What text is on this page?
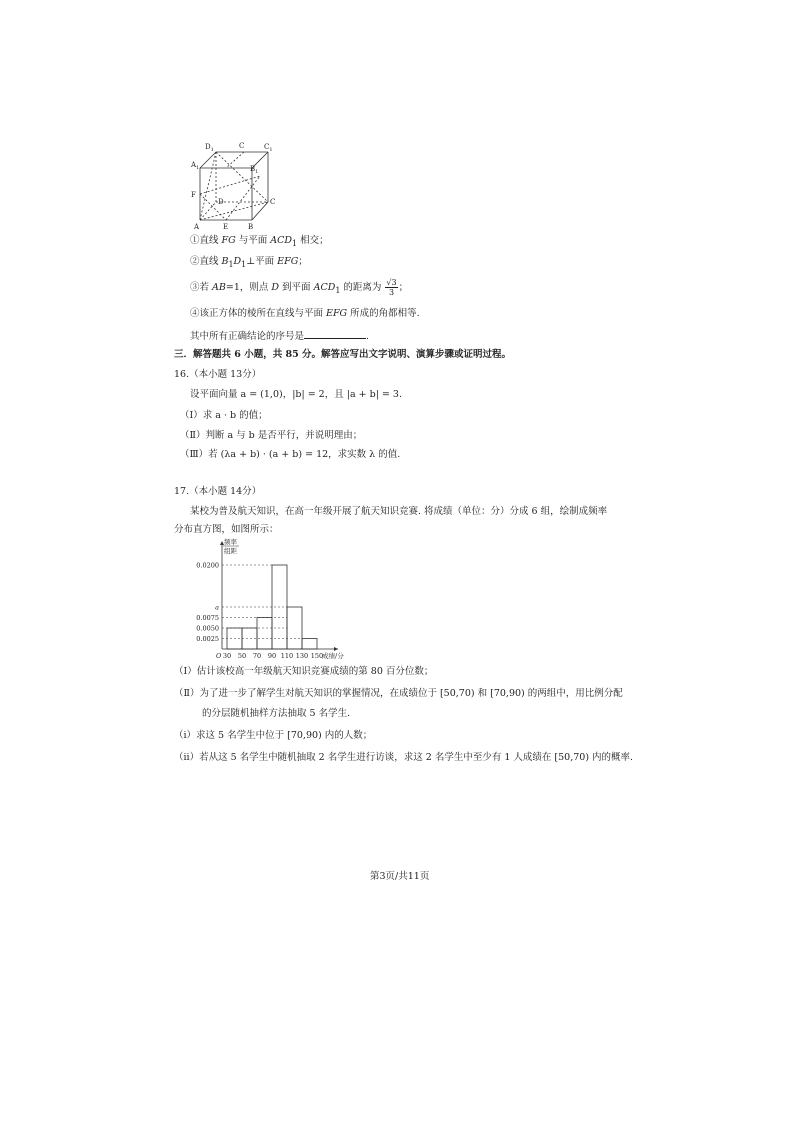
$D_1$	C	$C_1$
$A_1$	$B_1$
F
D	C
A	E	B
①直线 FG 与平面 $ACD_1$ 相交；
②直线 $B_1D_1\perp$平面 EFG；
③若 AB=1，则点 D 到平面 $ACD_1$ 的距离为 $\frac{√3}{3}$ ；
④该正方体的棱所在直线与平面 EFG 所成的角都相等.
其中所有正确结论的序号是	.
三．解答题共 6 小题，共 85 分。解答应写出文字说明、演算步骤或证明过程。
16.（本小题 13分）
设平面向量 a = (1,0)，|b| = 2，且 |a + b| = 3.
（Ⅰ）求 a · b 的值；
（Ⅱ）判断 a 与 b 是否平行，并说明理由；
（Ⅲ）若 (λa + b) · (a + b) = 12，求实数 λ 的值.
17.（本小题 14分）
某校为普及航天知识，在高一年级开展了航天知识竞赛. 将成绩（单位：分）分成 6 组，绘制成频率
分布直方图，如图所示：
0.0200
a
0.0075
0.0050
0.0025
30 50 70 90 110 130 150
O	成绩/分
频率
组距
（Ⅰ）估计该校高一年级航天知识竞赛成绩的第 80 百分位数；
（Ⅱ）为了进一步了解学生对航天知识的掌握情况，在成绩位于 [50,70) 和 [70,90) 的两组中，用比例分配
的分层随机抽样方法抽取 5 名学生.
（i）求这 5 名学生中位于 [70,90) 内的人数；
（ii）若从这 5 名学生中随机抽取 2 名学生进行访谈，求这 2 名学生中至少有 1 人成绩在 [50,70) 内的概率.
第3页/共11页
